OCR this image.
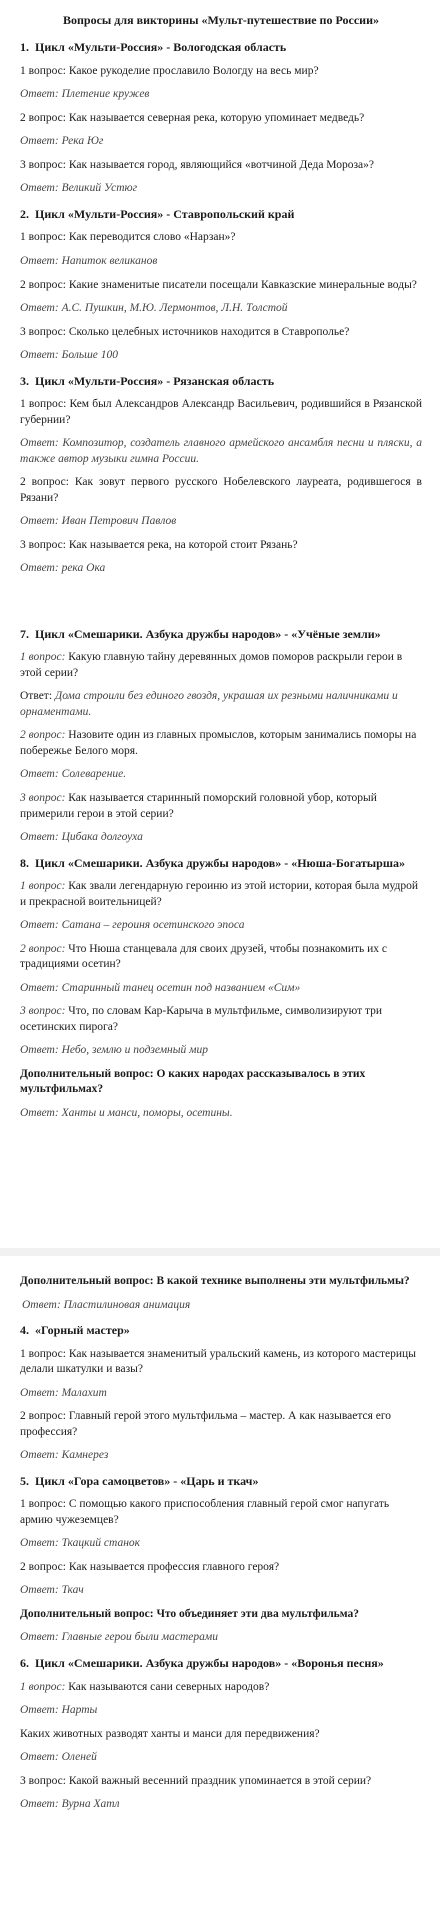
Вопросы для викторины «Мульт-путешествие по России»
1. Цикл «Мульти-Россия» - Вологодская область

1 вопрос: Какое рукоделие прославило Вологду на весь мир?

Ответ: Плетение кружев

2 вопрос: Как называется северная река, которую упоминает медведь?

Ответ: Река Юг

3 вопрос: Как называется город, являющийся «вотчиной Деда Мороза»?

Ответ: Великий Устюг

2. Цикл «Мульти-Россия» - Ставропольский край

1 вопрос: Как переводится слово «Нарзан»?

Ответ: Напиток великанов

2 вопрос: Какие знаменитые писатели посещали Кавказские минеральные воды?

Ответ: А.С. Пушкин, М.Ю. Лермонтов, Л.Н. Толстой

3 вопрос: Сколько целебных источников находится в Ставрополье?

Ответ: Больше 100

3. Цикл «Мульти-Россия» - Рязанская область

1 вопрос: Кем был Александров Александр Васильевич, родившийся в Рязанской губернии?

Ответ: Композитор, создатель главного армейского ансамбля песни и пляски, а также автор музыки гимна России.

2 вопрос: Как зовут первого русского Нобелевского лауреата, родившегося в Рязани?

Ответ: Иван Петрович Павлов

3 вопрос: Как называется река, на которой стоит Рязань?

Ответ: река Ока

7. Цикл «Смешарики. Азбука дружбы народов» - «Учёные земли»

1 вопрос: Какую главную тайну деревянных домов поморов раскрыли герои в этой серии?

Ответ: Дома строили без единого гвоздя, украшая их резными наличниками и орнаментами.

2 вопрос: Назовите один из главных промыслов, которым занимались поморы на побережье Белого моря.

Ответ: Солеварение.

3 вопрос: Как называется старинный поморский головной убор, который примерили герои в этой серии?

Ответ: Цибака долгоуха

8. Цикл «Смешарики. Азбука дружбы народов» - «Нюша-Богатырша»

1 вопрос: Как звали легендарную героиню из этой истории, которая была мудрой и прекрасной воительницей?

Ответ: Сатана – героиня осетинского эпоса

2 вопрос: Что Нюша станцевала для своих друзей, чтобы познакомить их с традициями осетин?

Ответ: Старинный танец осетин под названием «Сим»

3 вопрос: Что, по словам Кар-Карыча в мультфильме, символизируют три осетинских пирога?

Ответ: Небо, землю и подземный мир

Дополнительный вопрос: О каких народах рассказывалось в этих мультфильмах?

Ответ: Ханты и манси, поморы, осетины.

Дополнительный вопрос: В какой технике выполнены эти мультфильмы?

Ответ: Пластилиновая анимация

4. «Горный мастер»

1 вопрос: Как называется знаменитый уральский камень, из которого мастерицы делали шкатулки и вазы?

Ответ: Малахит

2 вопрос: Главный герой этого мультфильма – мастер. А как называется его профессия?

Ответ: Камнерез

5. Цикл «Гора самоцветов» - «Царь и ткач»

1 вопрос: С помощью какого приспособления главный герой смог напугать армию чужеземцев?

Ответ: Ткацкий станок

2 вопрос: Как называется профессия главного героя?

Ответ: Ткач

Дополнительный вопрос: Что объединяет эти два мультфильма?

Ответ: Главные герои были мастерами

6. Цикл «Смешарики. Азбука дружбы народов» - «Воронья песня»

1 вопрос: Как называются сани северных народов?

Ответ: Нарты

Каких животных разводят ханты и манси для передвижения?

Ответ: Оленей

3 вопрос: Какой важный весенний праздник упоминается в этой серии?

Ответ: Вурна Хатл
